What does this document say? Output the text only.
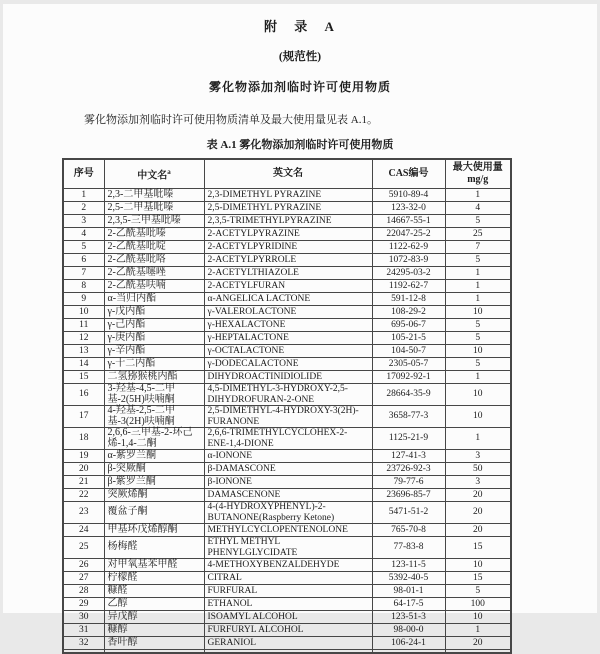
附 录 A
(规范性)
雾化物添加剂临时许可使用物质

雾化物添加剂临时许可使用物质清单及最大使用量见表 A.1。

表 A.1 雾化物添加剂临时许可使用物质
序号	中文名$^a$	英文名	CAS编号	最大使用量
mg/g

1	2,3-二甲基吡嗪	2,3-DIMETHYL PYRAZINE	5910-89-4	1
2	2,5-二甲基吡嗪	2,5-DIMETHYL PYRAZINE	123-32-0	4
3	2,3,5-三甲基吡嗪	2,3,5-TRIMETHYLPYRAZINE	14667-55-1	5
4	2-乙酰基吡嗪	2-ACETYLPYRAZINE	22047-25-2	25
5	2-乙酰基吡啶	2-ACETYLPYRIDINE	1122-62-9	7
6	2-乙酰基吡咯	2-ACETYLPYRROLE	1072-83-9	5
7	2-乙酰基噻唑	2-ACETYLTHIAZOLE	24295-03-2	1
8	2-乙酰基呋喃	2-ACETYLFURAN	1192-62-7	1
9	α-当归内酯	α-ANGELICA LACTONE	591-12-8	1
10	γ-戊内酯	γ-VALEROLACTONE	108-29-2	10
11	γ-己内酯	γ-HEXALACTONE	695-06-7	5
12	γ-庚内酯	γ-HEPTALACTONE	105-21-5	5
13	γ-辛内酯	γ-OCTALACTONE	104-50-7	10
14	γ-十二内酯	γ-DODECALACTONE	2305-05-7	5
15	二氢猕猴桃内酯	DIHYDROACTINIDIOLIDE	17092-92-1	1
16	3-羟基-4,5-二甲基-2(5H)呋喃酮	4,5-DIMETHYL-3-HYDROXY-2,5-DIHYDROFURAN-2-ONE	28664-35-9	10
17	4-羟基-2,5-二甲基-3(2H)呋喃酮	2,5-DIMETHYL-4-HYDROXY-3(2H)-FURANONE	3658-77-3	10
18	2,6,6-三甲基-2-环己烯-1,4-二酮	2,6,6-TRIMETHYLCYCLOHEX-2-ENE-1,4-DIONE	1125-21-9	1
19	α-紫罗兰酮	α-IONONE	127-41-3	3
20	β-突厥酮	β-DAMASCONE	23726-92-3	50
21	β-紫罗兰酮	β-IONONE	79-77-6	3
22	突厥烯酮	DAMASCENONE	23696-85-7	20
23	覆盆子酮	4-(4-HYDROXYPHENYL)-2-BUTANONE(Raspberry Ketone)	5471-51-2	20
24	甲基环戊烯醇酮	METHYLCYCLOPENTENOLONE	765-70-8	20
25	杨梅醛	ETHYL METHYL PHENYLGLYCIDATE	77-83-8	15
26	对甲氧基苯甲醛	4-METHOXYBENZALDEHYDE	123-11-5	10
27	柠檬醛	CITRAL	5392-40-5	15
28	糠醛	FURFURAL	98-01-1	5
29	乙醇	ETHANOL	64-17-5	100
30	异戊醇	ISOAMYL ALCOHOL	123-51-3	10
31	糠醇	FURFURYL ALCOHOL	98-00-0	1
32	香叶醇	GERANIOL	106-24-1	20
